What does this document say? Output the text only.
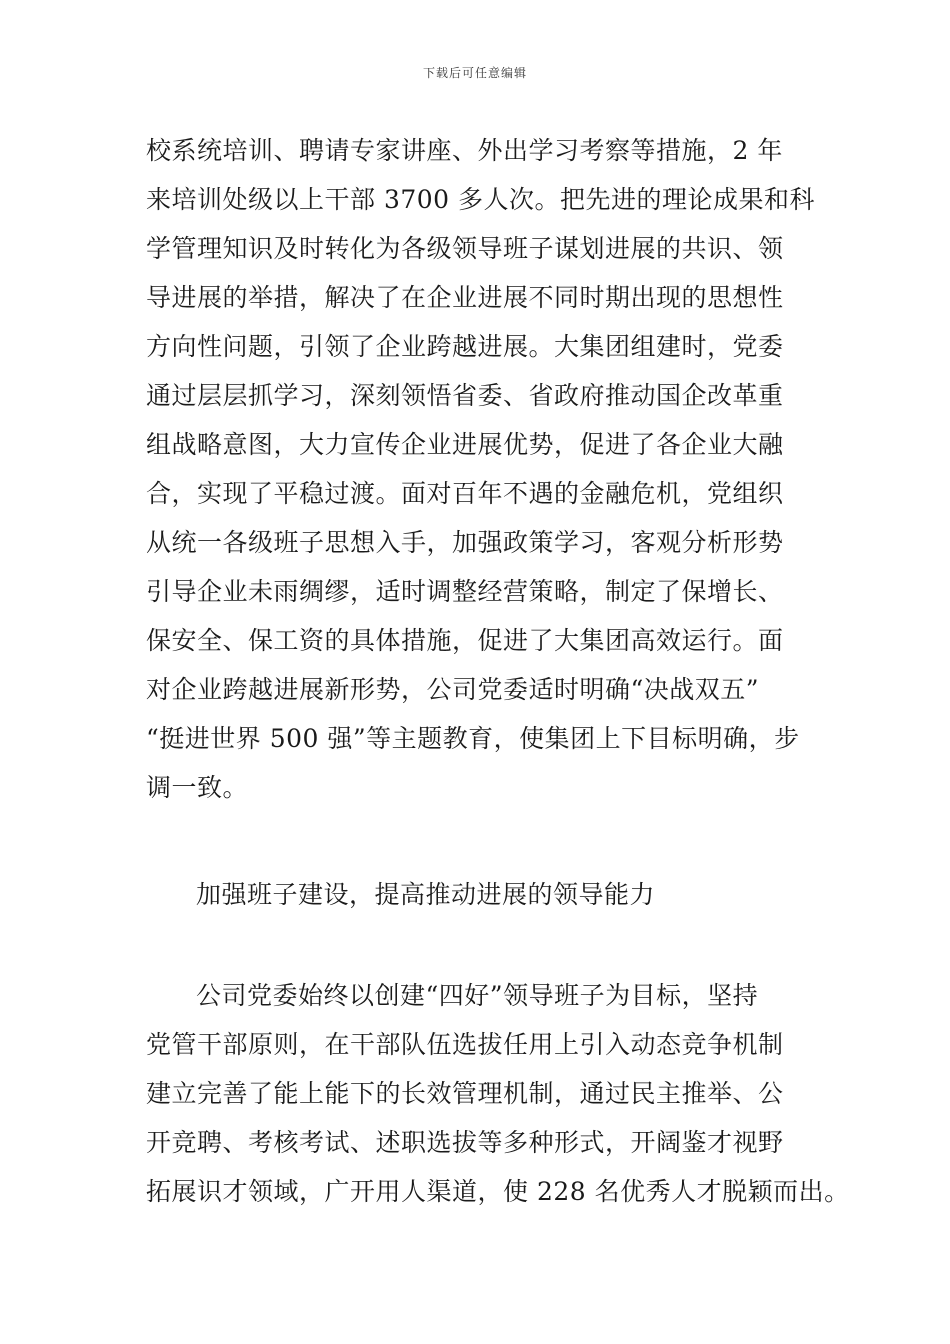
下载后可任意编辑
校系统培训、聘请专家讲座、外出学习考察等措施，2 年
来培训处级以上干部 3700 多人次。把先进的理论成果和科
学管理知识及时转化为各级领导班子谋划进展的共识、领
导进展的举措，解决了在企业进展不同时期出现的思想性
方向性问题，引领了企业跨越进展。大集团组建时，党委
通过层层抓学习，深刻领悟省委、省政府推动国企改革重
组战略意图，大力宣传企业进展优势，促进了各企业大融
合，实现了平稳过渡。面对百年不遇的金融危机，党组织
从统一各级班子思想入手，加强政策学习，客观分析形势
引导企业未雨绸缪，适时调整经营策略，制定了保增长、
保安全、保工资的具体措施，促进了大集团高效运行。面
对企业跨越进展新形势，公司党委适时明确“决战双五”
“挺进世界 500 强”等主题教育，使集团上下目标明确，步
调一致。
加强班子建设，提高推动进展的领导能力
公司党委始终以创建“四好”领导班子为目标，坚持
党管干部原则，在干部队伍选拔任用上引入动态竞争机制
建立完善了能上能下的长效管理机制，通过民主推举、公
开竞聘、考核考试、述职选拔等多种形式，开阔鉴才视野
拓展识才领域，广开用人渠道，使 228 名优秀人才脱颖而出。
